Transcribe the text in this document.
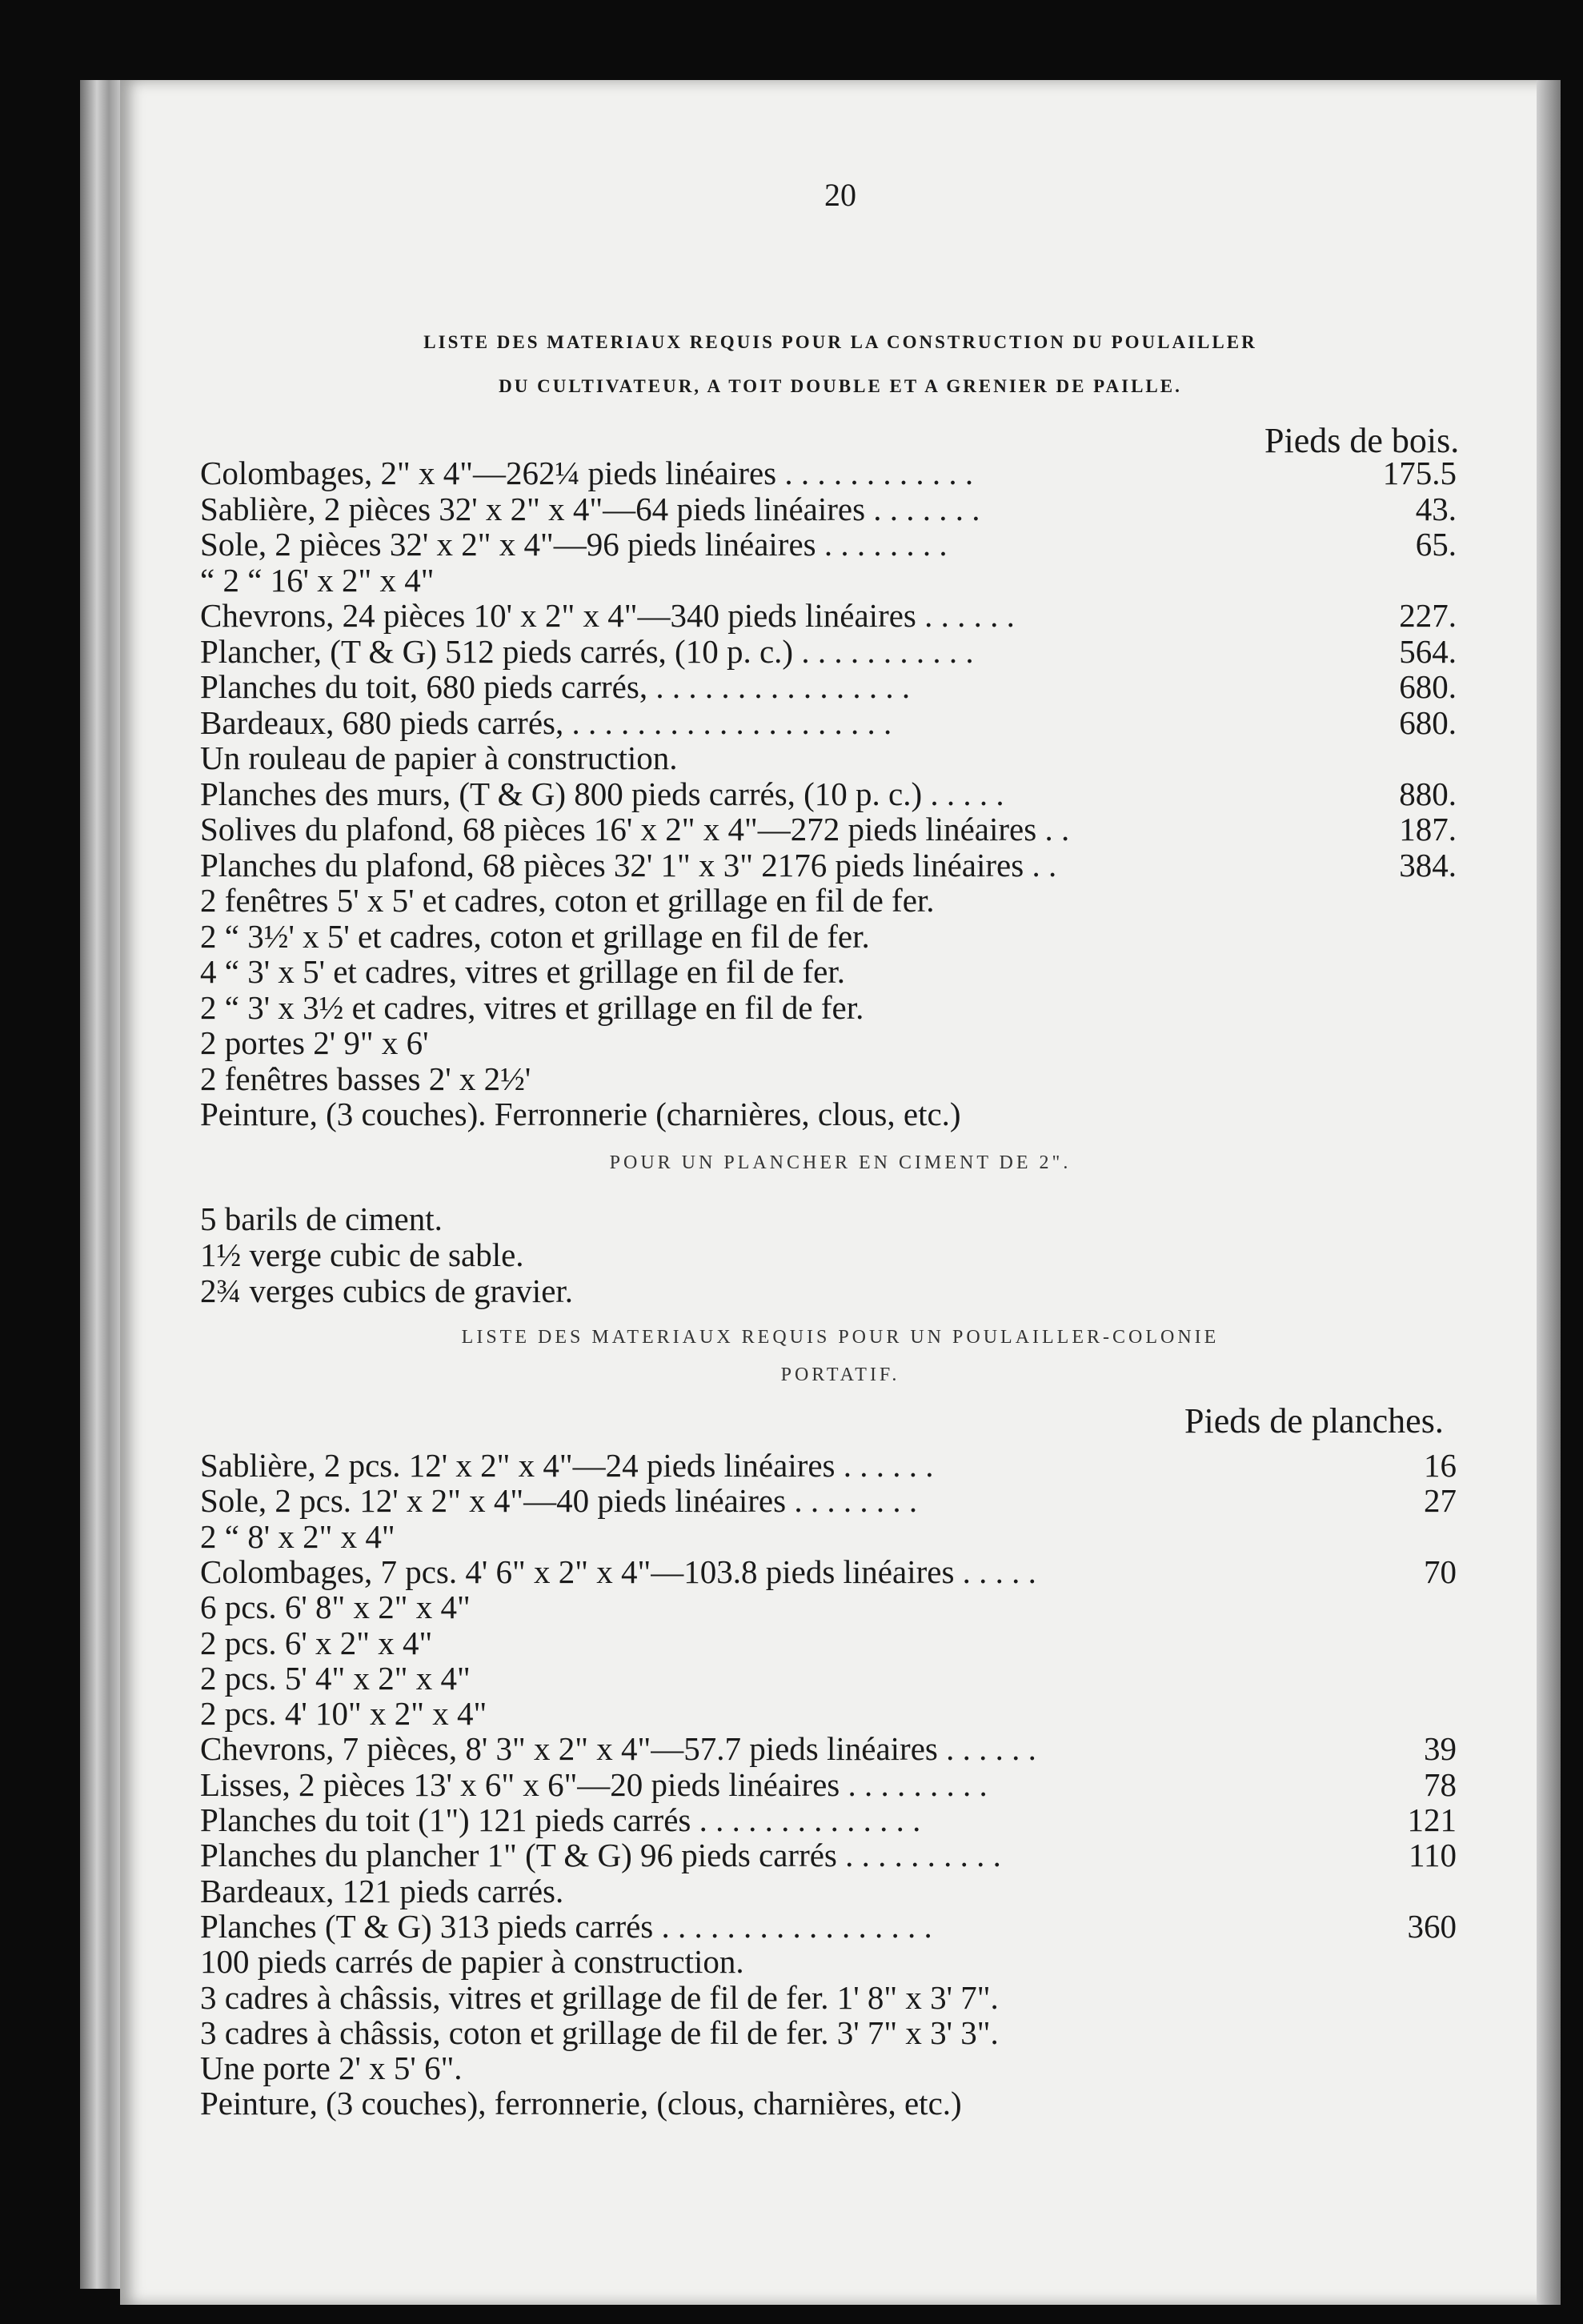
20
LISTE DES MATERIAUX REQUIS POUR LA CONSTRUCTION DU POULAILLER
DU CULTIVATEUR, A TOIT DOUBLE ET A GRENIER DE PAILLE.
Pieds de bois.
Colombages, 2" x 4"—262¼ pieds linéaires . . . . . . . . . . . .	175.5
Sablière, 2 pièces 32' x 2" x 4"—64 pieds linéaires . . . . . . .	43.
Sole, 2 pièces 32' x 2" x 4"—96 pieds linéaires . . . . . . . .	65.
“ 2 “ 16' x 2" x 4"
Chevrons, 24 pièces 10' x 2" x 4"—340 pieds linéaires . . . . . .	227.
Plancher, (T & G) 512 pieds carrés, (10 p. c.) . . . . . . . . . . .	564.
Planches du toit, 680 pieds carrés, . . . . . . . . . . . . . . . .	680.
Bardeaux, 680 pieds carrés, . . . . . . . . . . . . . . . . . . . .	680.
Un rouleau de papier à construction.
Planches des murs, (T & G) 800 pieds carrés, (10 p. c.) . . . . .	880.
Solives du plafond, 68 pièces 16' x 2" x 4"—272 pieds linéaires . .	187.
Planches du plafond, 68 pièces 32' 1" x 3" 2176 pieds linéaires . .	384.
2 fenêtres 5' x 5' et cadres, coton et grillage en fil de fer.
2 “ 3½' x 5' et cadres, coton et grillage en fil de fer.
4 “ 3' x 5' et cadres, vitres et grillage en fil de fer.
2 “ 3' x 3½ et cadres, vitres et grillage en fil de fer.
2 portes 2' 9" x 6'
2 fenêtres basses 2' x 2½'
Peinture, (3 couches). Ferronnerie (charnières, clous, etc.)
POUR UN PLANCHER EN CIMENT DE 2".
5 barils de ciment.
1½ verge cubic de sable.
2¾ verges cubics de gravier.
LISTE DES MATERIAUX REQUIS POUR UN POULAILLER-COLONIE
PORTATIF.
Pieds de planches.
Sablière, 2 pcs. 12' x 2" x 4"—24 pieds linéaires . . . . . .	16
Sole, 2 pcs. 12' x 2" x 4"—40 pieds linéaires . . . . . . . .	27
2 “ 8' x 2" x 4"
Colombages, 7 pcs. 4' 6" x 2" x 4"—103.8 pieds linéaires . . . . .	70
6 pcs. 6' 8" x 2" x 4"
2 pcs. 6' x 2" x 4"
2 pcs. 5' 4" x 2" x 4"
2 pcs. 4' 10" x 2" x 4"
Chevrons, 7 pièces, 8' 3" x 2" x 4"—57.7 pieds linéaires . . . . . .	39
Lisses, 2 pièces 13' x 6" x 6"—20 pieds linéaires . . . . . . . . .	78
Planches du toit (1") 121 pieds carrés . . . . . . . . . . . . . .	121
Planches du plancher 1" (T & G) 96 pieds carrés . . . . . . . . . .	110
Bardeaux, 121 pieds carrés.
Planches (T & G) 313 pieds carrés . . . . . . . . . . . . . . . . .	360
100 pieds carrés de papier à construction.
3 cadres à châssis, vitres et grillage de fil de fer. 1' 8" x 3' 7".
3 cadres à châssis, coton et grillage de fil de fer. 3' 7" x 3' 3".
Une porte 2' x 5' 6".
Peinture, (3 couches), ferronnerie, (clous, charnières, etc.)
